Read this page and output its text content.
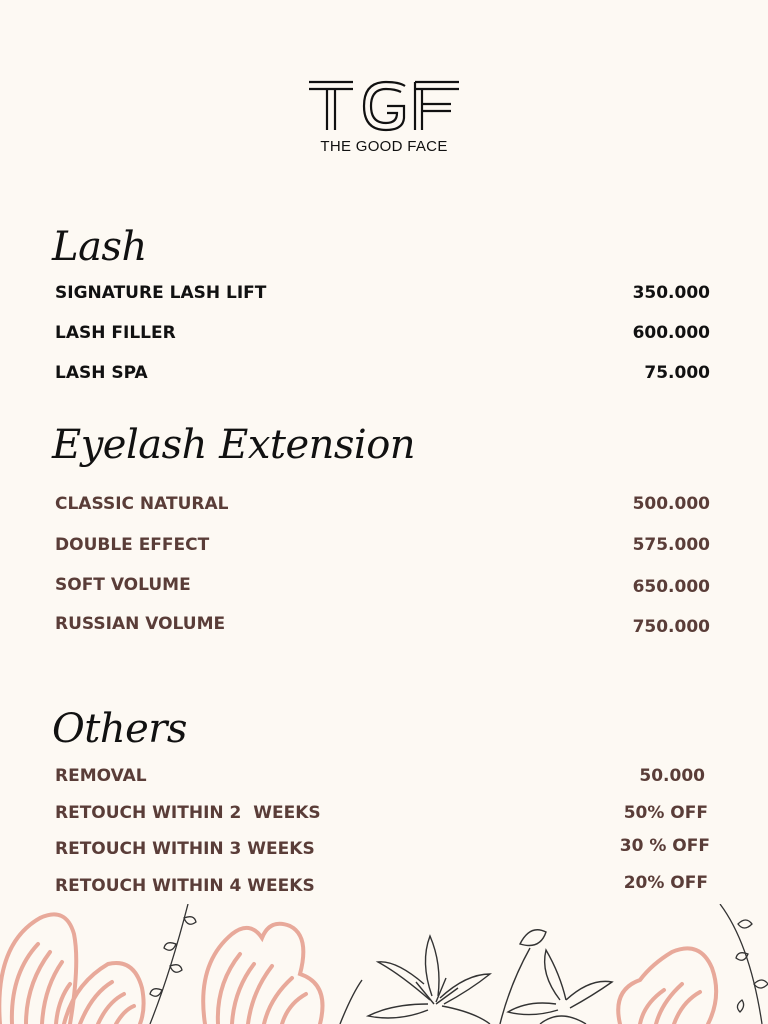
THE GOOD FACE
Lash
SIGNATURE LASH LIFT	350.000
LASH FILLER	600.000
LASH SPA	75.000
Eyelash Extension
CLASSIC NATURAL	500.000
DOUBLE EFFECT	575.000
SOFT VOLUME	650.000
RUSSIAN VOLUME	750.000
Others
REMOVAL	50.000
RETOUCH WITHIN 2  WEEKS	50% OFF
RETOUCH WITHIN 3 WEEKS	30 % OFF
RETOUCH WITHIN 4 WEEKS	20% OFF
